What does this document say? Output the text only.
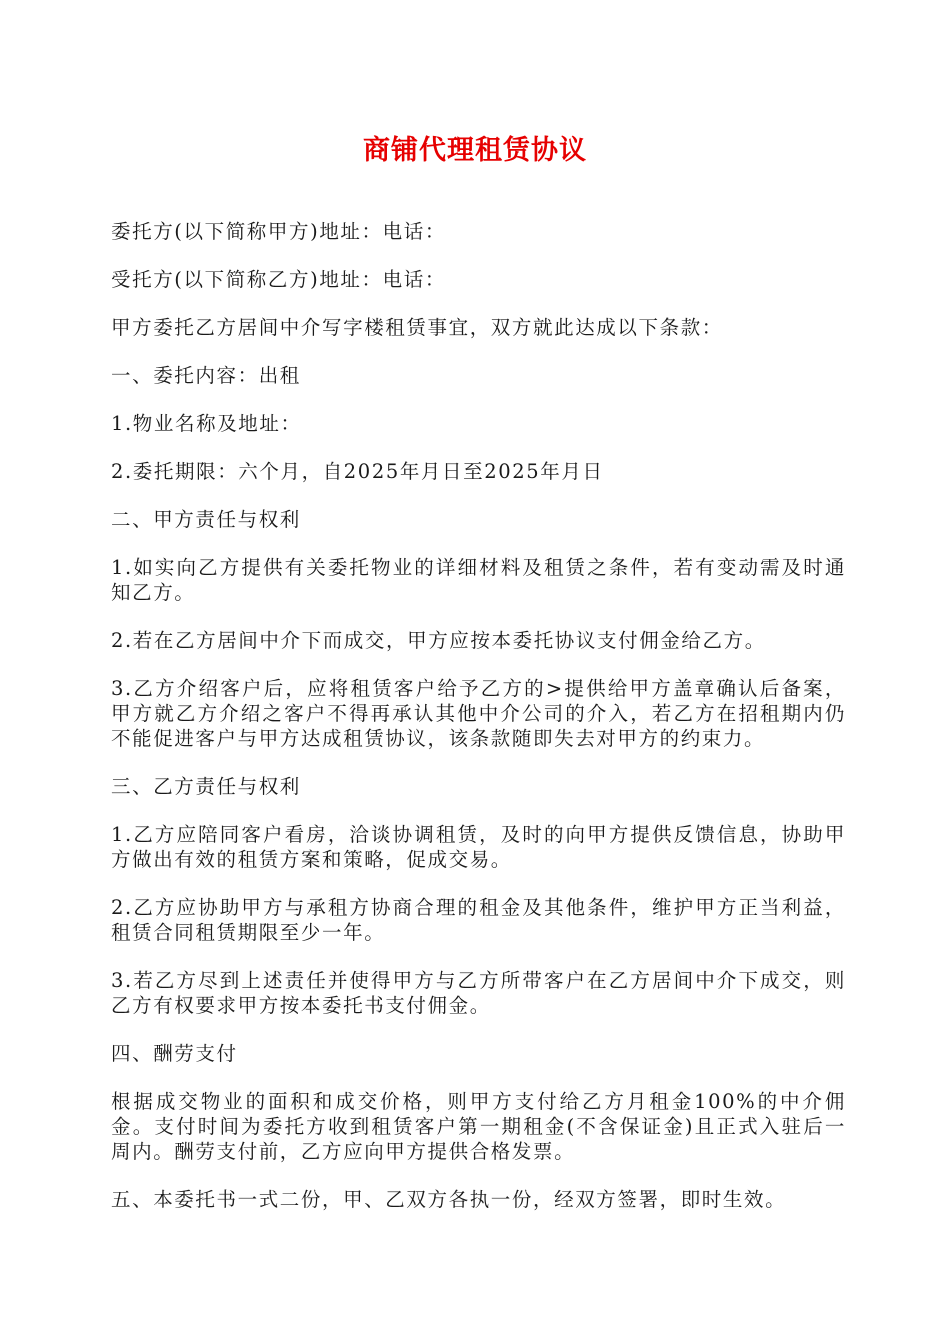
商铺代理租赁协议

委托方(以下简称甲方)地址：电话：

受托方(以下简称乙方)地址：电话：

甲方委托乙方居间中介写字楼租赁事宜，双方就此达成以下条款：

一、委托内容：出租

1.物业名称及地址：

2.委托期限：六个月，自2025年月日至2025年月日

二、甲方责任与权利

1.如实向乙方提供有关委托物业的详细材料及租赁之条件，若有变动需及时通知乙方。

2.若在乙方居间中介下而成交，甲方应按本委托协议支付佣金给乙方。

3.乙方介绍客户后，应将租赁客户给予乙方的>提供给甲方盖章确认后备案，甲方就乙方介绍之客户不得再承认其他中介公司的介入，若乙方在招租期内仍不能促进客户与甲方达成租赁协议，该条款随即失去对甲方的约束力。

三、乙方责任与权利

1.乙方应陪同客户看房，洽谈协调租赁，及时的向甲方提供反馈信息，协助甲方做出有效的租赁方案和策略，促成交易。

2.乙方应协助甲方与承租方协商合理的租金及其他条件，维护甲方正当利益，租赁合同租赁期限至少一年。

3.若乙方尽到上述责任并使得甲方与乙方所带客户在乙方居间中介下成交，则乙方有权要求甲方按本委托书支付佣金。

四、酬劳支付

根据成交物业的面积和成交价格，则甲方支付给乙方月租金100%的中介佣金。支付时间为委托方收到租赁客户第一期租金(不含保证金)且正式入驻后一周内。酬劳支付前，乙方应向甲方提供合格发票。

五、本委托书一式二份，甲、乙双方各执一份，经双方签署，即时生效。
